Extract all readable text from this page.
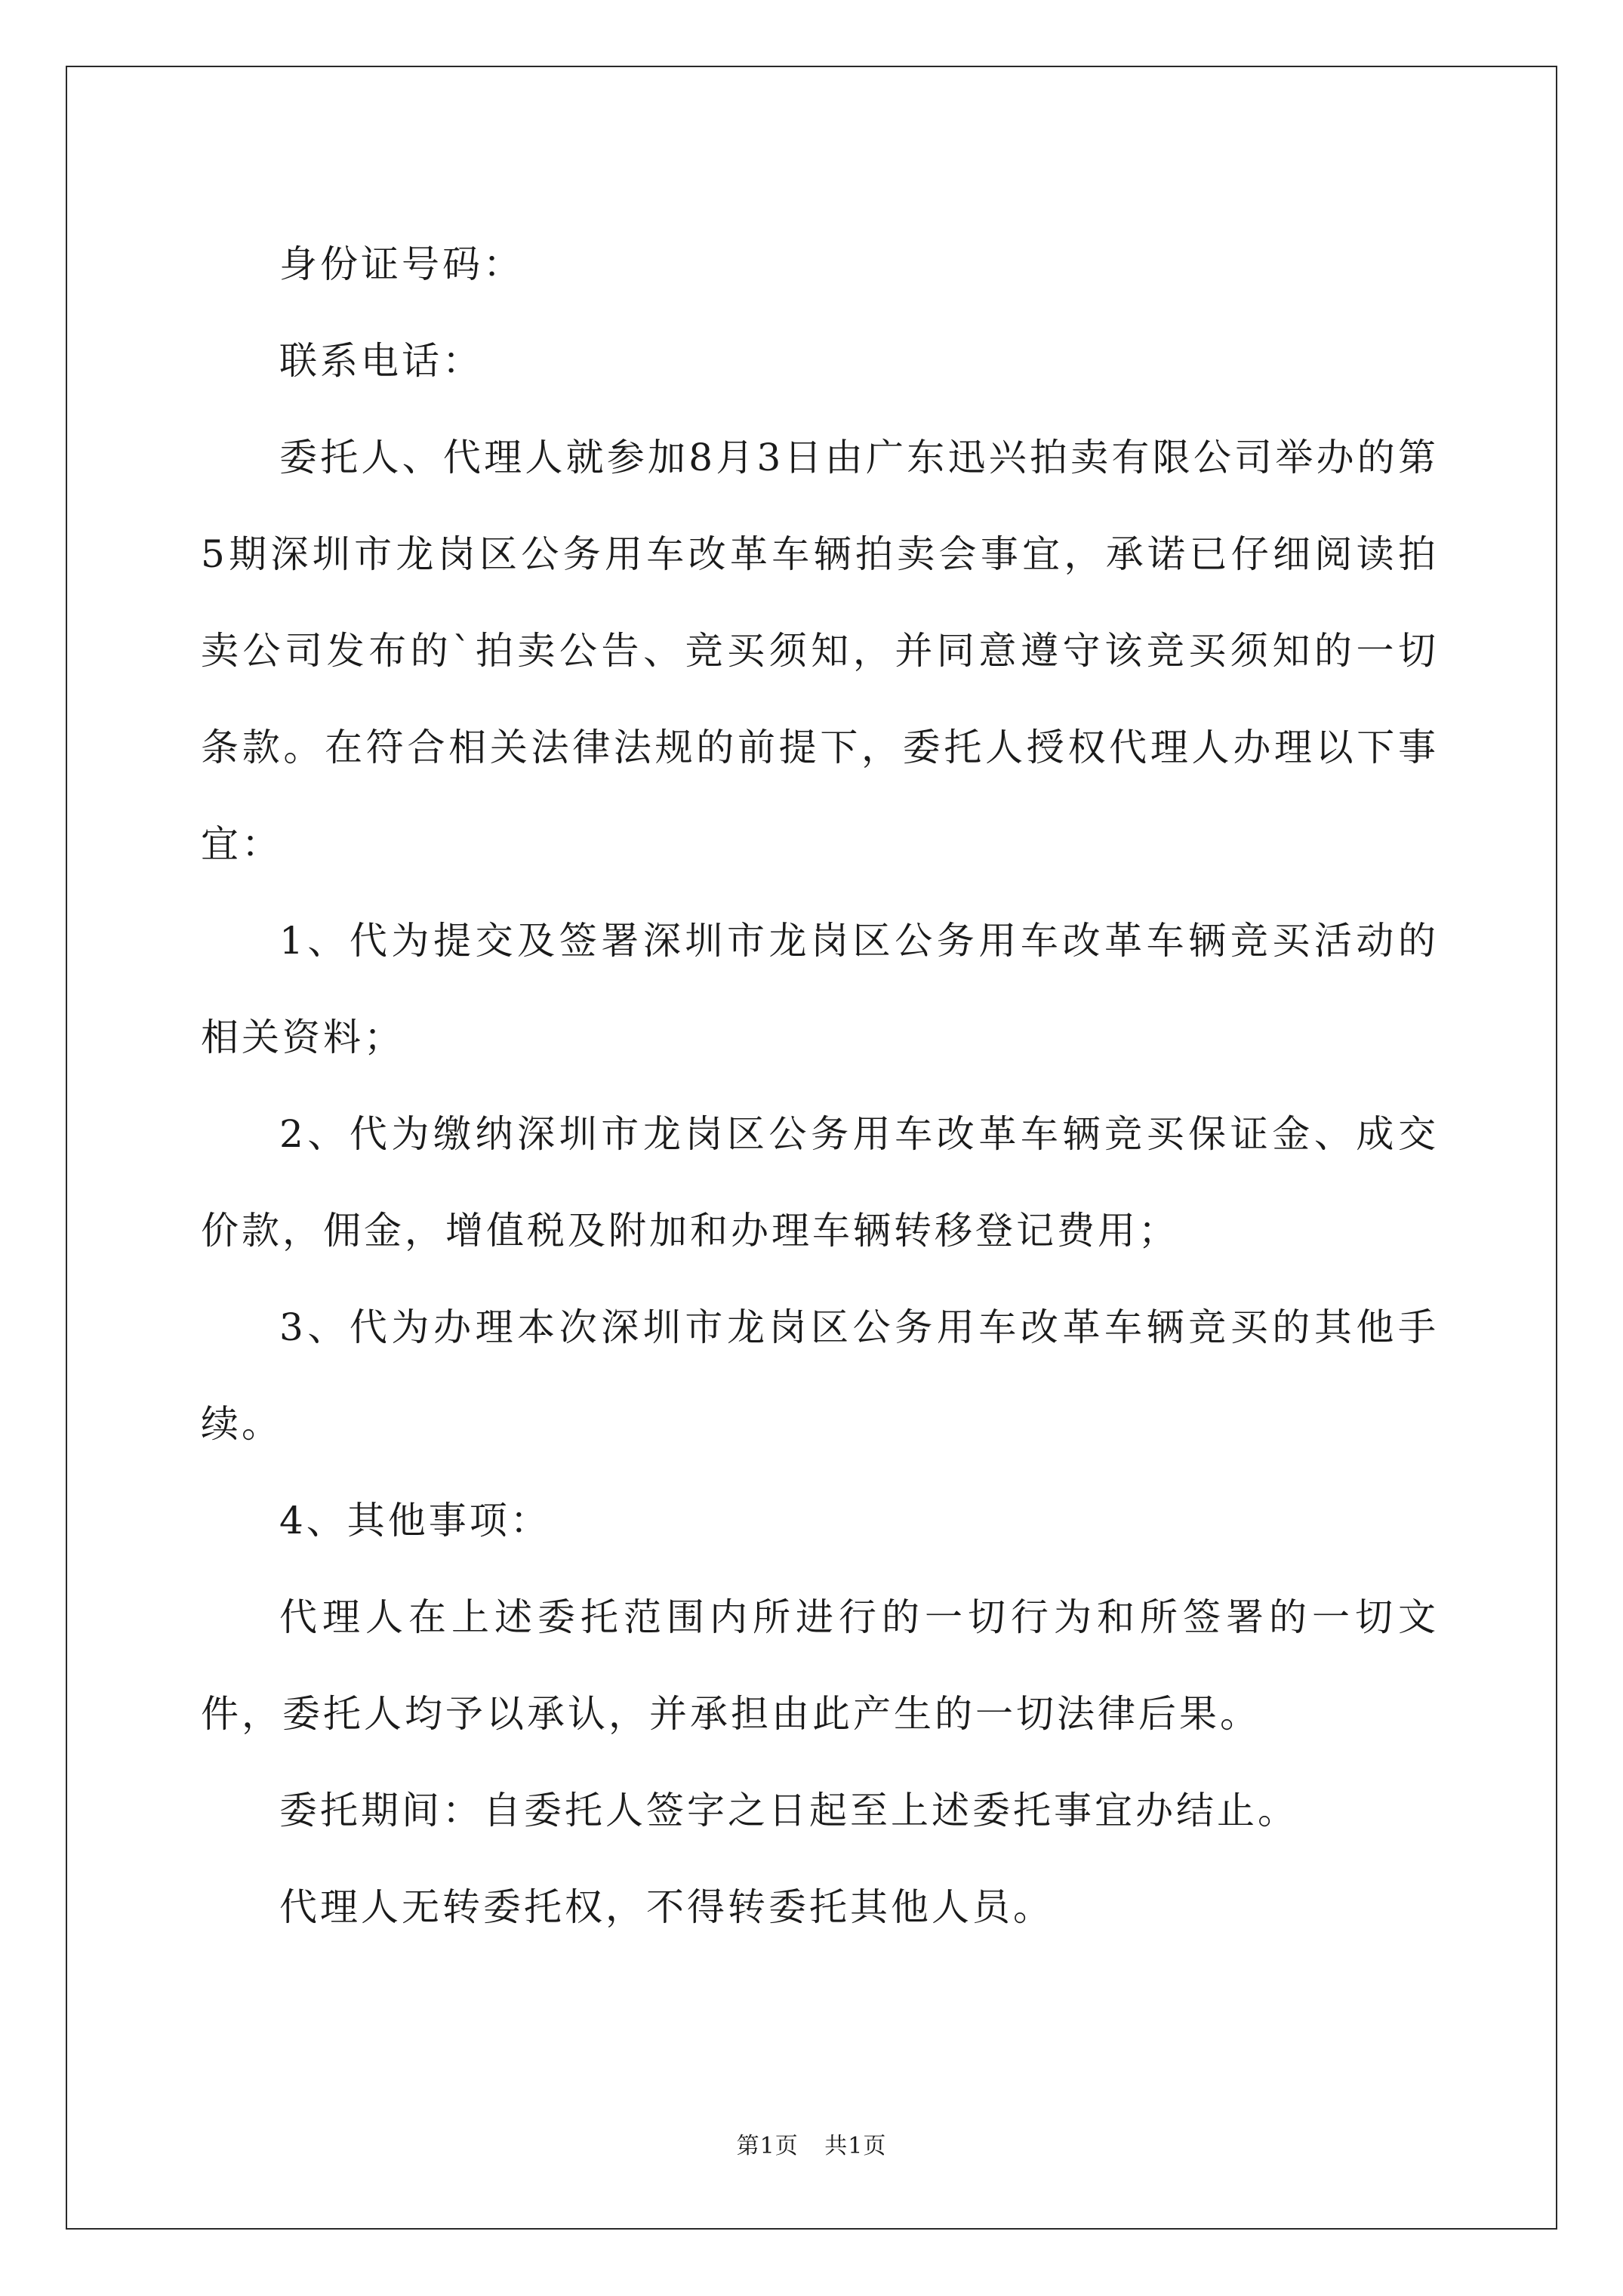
身份证号码：

联系电话：

委托人、代理人就参加8月3日由广东迅兴拍卖有限公司举办的第5期深圳市龙岗区公务用车改革车辆拍卖会事宜，承诺已仔细阅读拍卖公司发布的`拍卖公告、竞买须知，并同意遵守该竞买须知的一切条款。在符合相关法律法规的前提下，委托人授权代理人办理以下事宜：

1、代为提交及签署深圳市龙岗区公务用车改革车辆竞买活动的相关资料；

2、代为缴纳深圳市龙岗区公务用车改革车辆竞买保证金、成交价款，佣金，增值税及附加和办理车辆转移登记费用；

3、代为办理本次深圳市龙岗区公务用车改革车辆竞买的其他手续。

4、其他事项：

代理人在上述委托范围内所进行的一切行为和所签署的一切文件，委托人均予以承认，并承担由此产生的一切法律后果。

委托期间：自委托人签字之日起至上述委托事宜办结止。

代理人无转委托权，不得转委托其他人员。

第1页 共1页
